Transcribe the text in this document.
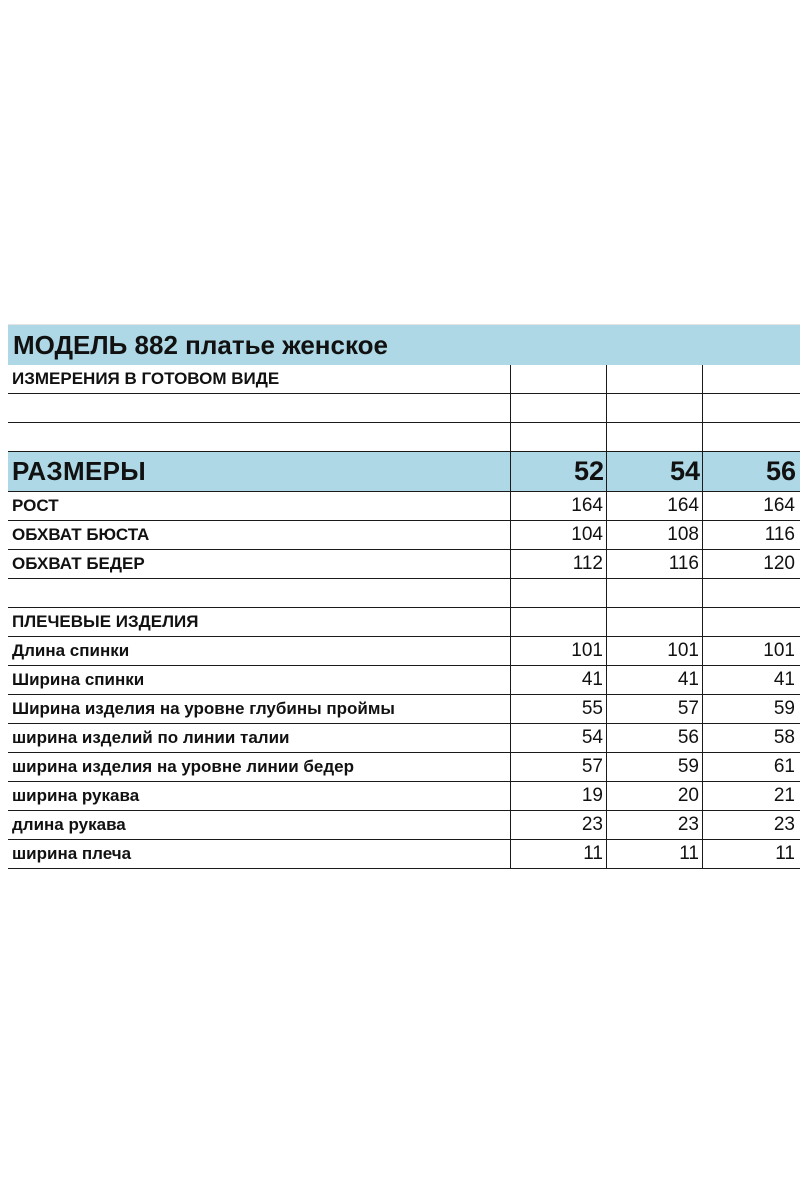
МОДЕЛЬ 882 платье женское
ИЗМЕРЕНИЯ В ГОТОВОМ ВИДЕ
РАЗМЕРЫ	52	54	56
РОСТ	164	164	164
ОБХВАТ БЮСТА	104	108	116
ОБХВАТ БЕДЕР	112	116	120
ПЛЕЧЕВЫЕ ИЗДЕЛИЯ
Длина спинки	101	101	101
Ширина спинки	41	41	41
Ширина изделия на уровне глубины проймы	55	57	59
ширина изделий по линии талии	54	56	58
ширина изделия на уровне линии бедер	57	59	61
ширина рукава	19	20	21
длина рукава	23	23	23
ширина плеча	11	11	11
